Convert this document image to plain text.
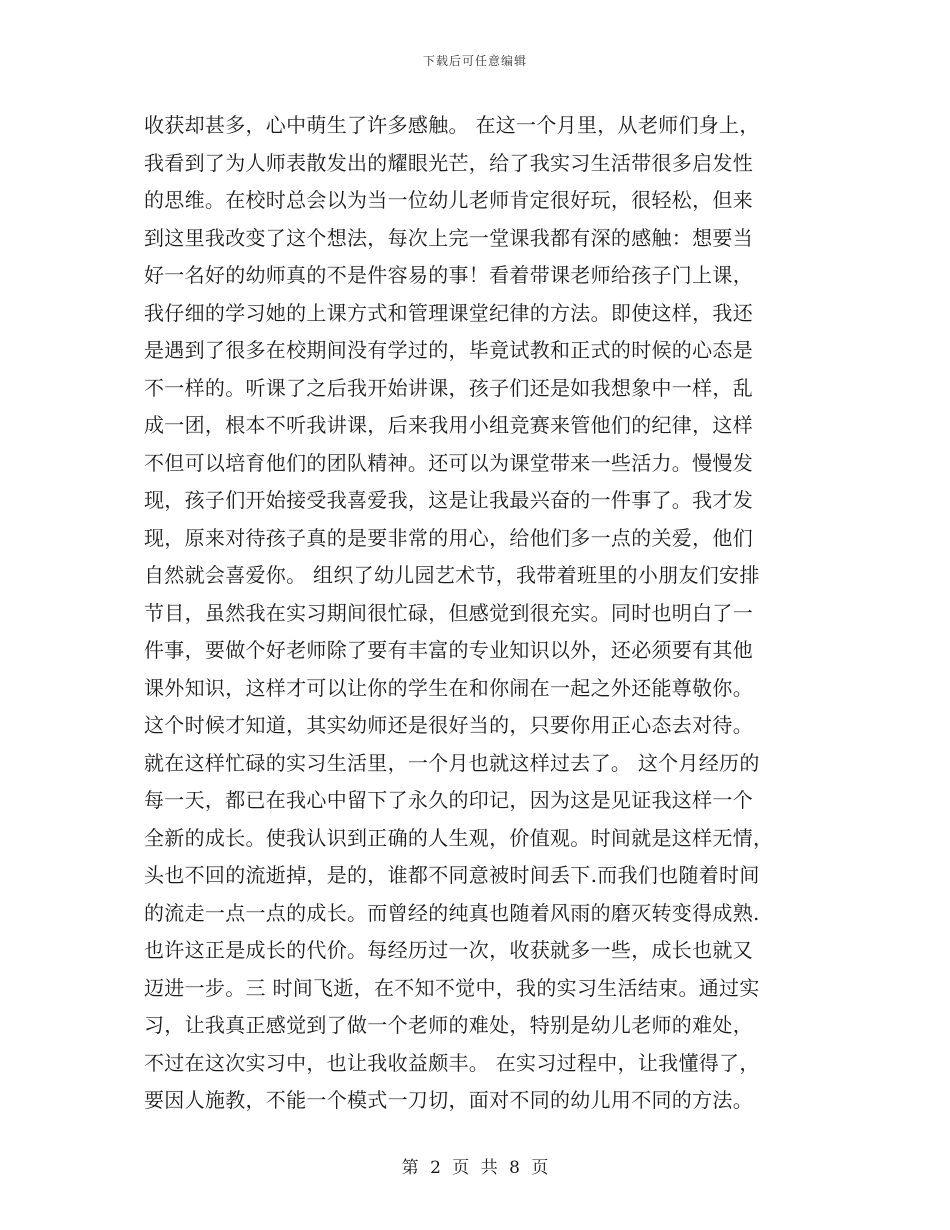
下载后可任意编辑
收获却甚多，心中萌生了许多感触。 在这一个月里，从老师们身上，
我看到了为人师表散发出的耀眼光芒，给了我实习生活带很多启发性
的思维。在校时总会以为当一位幼儿老师肯定很好玩，很轻松，但来
到这里我改变了这个想法，每次上完一堂课我都有深的感触：想要当
好一名好的幼师真的不是件容易的事！看着带课老师给孩子门上课，
我仔细的学习她的上课方式和管理课堂纪律的方法。即使这样，我还
是遇到了很多在校期间没有学过的，毕竟试教和正式的时候的心态是
不一样的。听课了之后我开始讲课，孩子们还是如我想象中一样，乱
成一团，根本不听我讲课，后来我用小组竞赛来管他们的纪律，这样
不但可以培育他们的团队精神。还可以为课堂带来一些活力。慢慢发
现，孩子们开始接受我喜爱我，这是让我最兴奋的一件事了。我才发
现，原来对待孩子真的是要非常的用心，给他们多一点的关爱，他们
自然就会喜爱你。 组织了幼儿园艺术节，我带着班里的小朋友们安排
节目，虽然我在实习期间很忙碌，但感觉到很充实。同时也明白了一
件事，要做个好老师除了要有丰富的专业知识以外，还必须要有其他
课外知识，这样才可以让你的学生在和你闹在一起之外还能尊敬你。
这个时候才知道，其实幼师还是很好当的，只要你用正心态去对待。
就在这样忙碌的实习生活里，一个月也就这样过去了。 这个月经历的
每一天，都已在我心中留下了永久的印记，因为这是见证我这样一个
全新的成长。使我认识到正确的人生观，价值观。时间就是这样无情，
头也不回的流逝掉，是的，谁都不同意被时间丢下.而我们也随着时间
的流走一点一点的成长。而曾经的纯真也随着风雨的磨灭转变得成熟.
也许这正是成长的代价。每经历过一次，收获就多一些，成长也就又
迈进一步。三 时间飞逝，在不知不觉中，我的实习生活结束。通过实
习，让我真正感觉到了做一个老师的难处，特别是幼儿老师的难处，
不过在这次实习中，也让我收益颇丰。 在实习过程中，让我懂得了，
要因人施教，不能一个模式一刀切，面对不同的幼儿用不同的方法。
第 2 页 共 8 页
